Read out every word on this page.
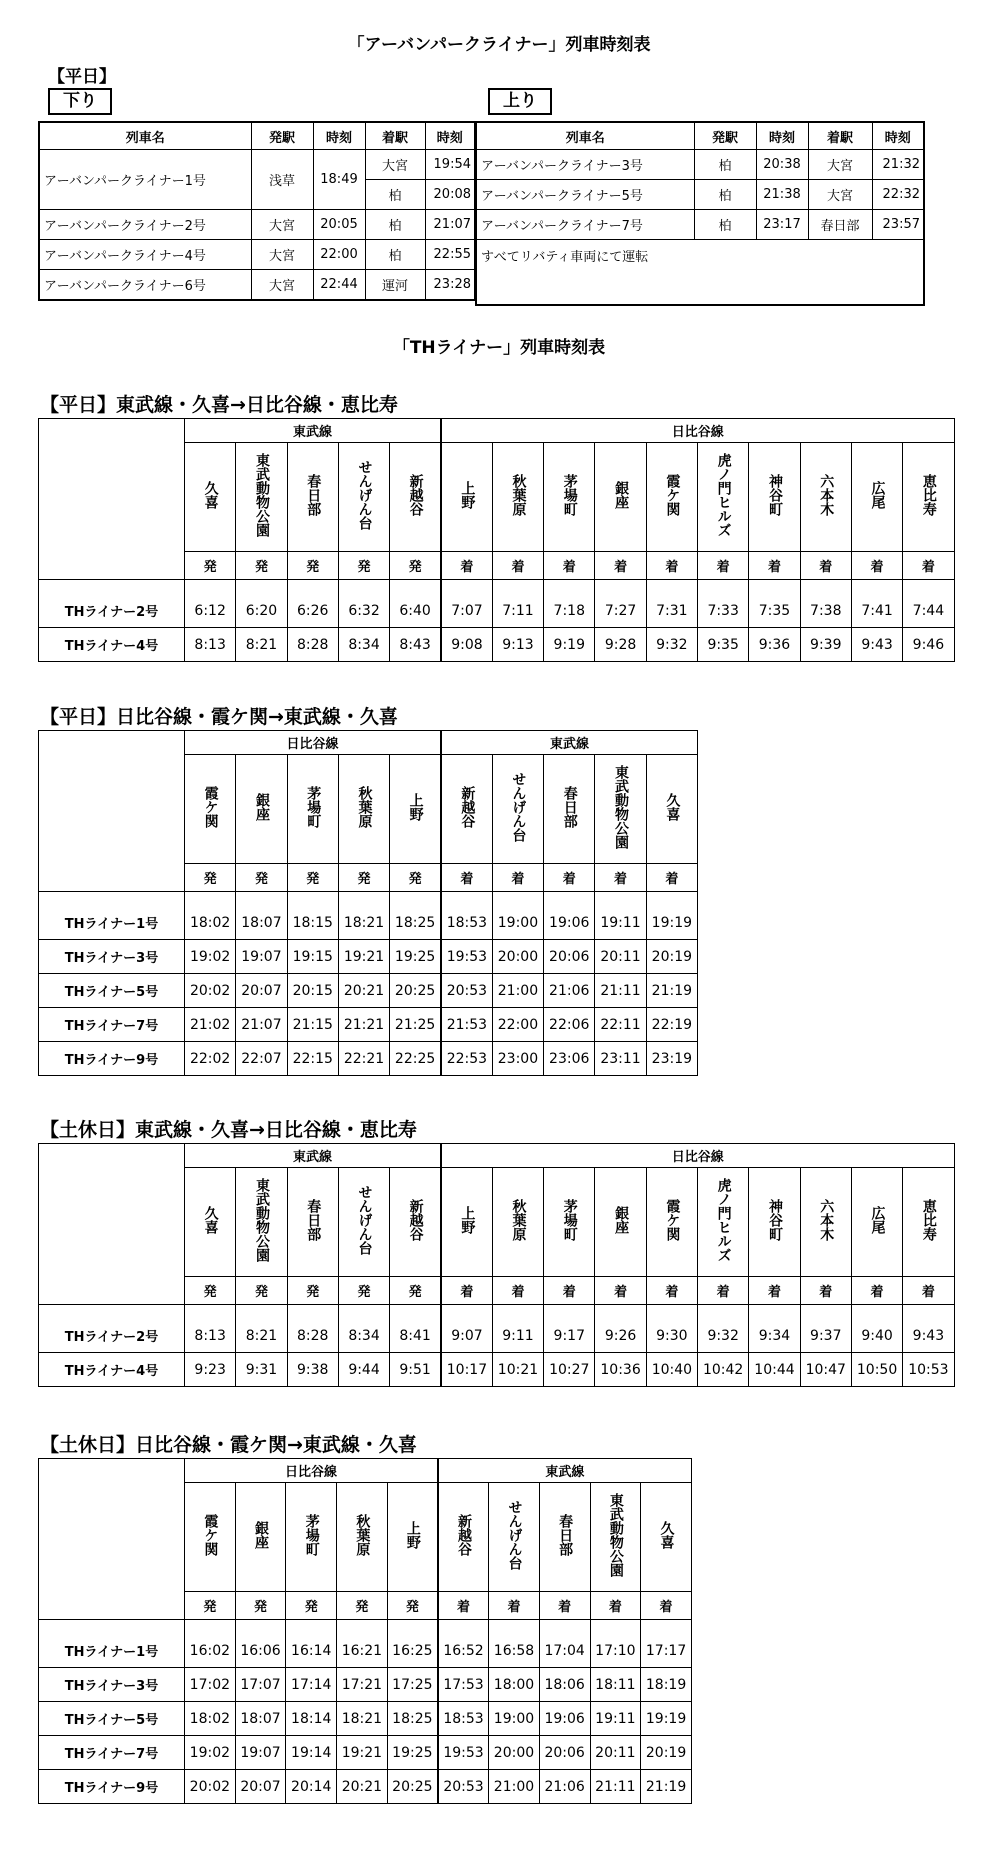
「アーバンパークライナー」列車時刻表
【平日】
下り	上り
列車名	発駅	時刻	着駅	時刻
アーバンパークライナー1号	浅草	18:49	大宮	19:54
			柏	20:08
アーバンパークライナー2号	大宮	20:05	柏	21:07
アーバンパークライナー4号	大宮	22:00	柏	22:55
アーバンパークライナー6号	大宮	22:44	運河	23:28
列車名	発駅	時刻	着駅	時刻
アーバンパークライナー3号	柏	20:38	大宮	21:32
アーバンパークライナー5号	柏	21:38	大宮	22:32
アーバンパークライナー7号	柏	23:17	春日部	23:57
すべてリバティ車両にて運転				
「THライナー」列車時刻表
【平日】東武線・久喜→日比谷線・恵比寿
	東武線					日比谷線									
	久喜	東武動物公園	春日部	せんげん台	新越谷	上野	秋葉原	茅場町	銀座	霞ケ関	虎ノ門ヒルズ	神谷町	六本木	広尾	恵比寿
	発	発	発	発	発	着	着	着	着	着	着	着	着	着	着

THライナー2号	6:12	6:20	6:26	6:32	6:40	7:07	7:11	7:18	7:27	7:31	7:33	7:35	7:38	7:41	7:44
THライナー4号	8:13	8:21	8:28	8:34	8:43	9:08	9:13	9:19	9:28	9:32	9:35	9:36	9:39	9:43	9:46
【平日】日比谷線・霞ケ関→東武線・久喜
	日比谷線					東武線				
	霞ケ関	銀座	茅場町	秋葉原	上野	新越谷	せんげん台	春日部	東武動物公園	久喜
	発	発	発	発	発	着	着	着	着	着

THライナー1号	18:02	18:07	18:15	18:21	18:25	18:53	19:00	19:06	19:11	19:19
THライナー3号	19:02	19:07	19:15	19:21	19:25	19:53	20:00	20:06	20:11	20:19
THライナー5号	20:02	20:07	20:15	20:21	20:25	20:53	21:00	21:06	21:11	21:19
THライナー7号	21:02	21:07	21:15	21:21	21:25	21:53	22:00	22:06	22:11	22:19
THライナー9号	22:02	22:07	22:15	22:21	22:25	22:53	23:00	23:06	23:11	23:19
【土休日】東武線・久喜→日比谷線・恵比寿
	東武線					日比谷線									
	久喜	東武動物公園	春日部	せんげん台	新越谷	上野	秋葉原	茅場町	銀座	霞ケ関	虎ノ門ヒルズ	神谷町	六本木	広尾	恵比寿
	発	発	発	発	発	着	着	着	着	着	着	着	着	着	着

THライナー2号	8:13	8:21	8:28	8:34	8:41	9:07	9:11	9:17	9:26	9:30	9:32	9:34	9:37	9:40	9:43
THライナー4号	9:23	9:31	9:38	9:44	9:51	10:17	10:21	10:27	10:36	10:40	10:42	10:44	10:47	10:50	10:53
【土休日】日比谷線・霞ケ関→東武線・久喜
	日比谷線					東武線				
	霞ケ関	銀座	茅場町	秋葉原	上野	新越谷	せんげん台	春日部	東武動物公園	久喜
	発	発	発	発	発	着	着	着	着	着

THライナー1号	16:02	16:06	16:14	16:21	16:25	16:52	16:58	17:04	17:10	17:17
THライナー3号	17:02	17:07	17:14	17:21	17:25	17:53	18:00	18:06	18:11	18:19
THライナー5号	18:02	18:07	18:14	18:21	18:25	18:53	19:00	19:06	19:11	19:19
THライナー7号	19:02	19:07	19:14	19:21	19:25	19:53	20:00	20:06	20:11	20:19
THライナー9号	20:02	20:07	20:14	20:21	20:25	20:53	21:00	21:06	21:11	21:19
